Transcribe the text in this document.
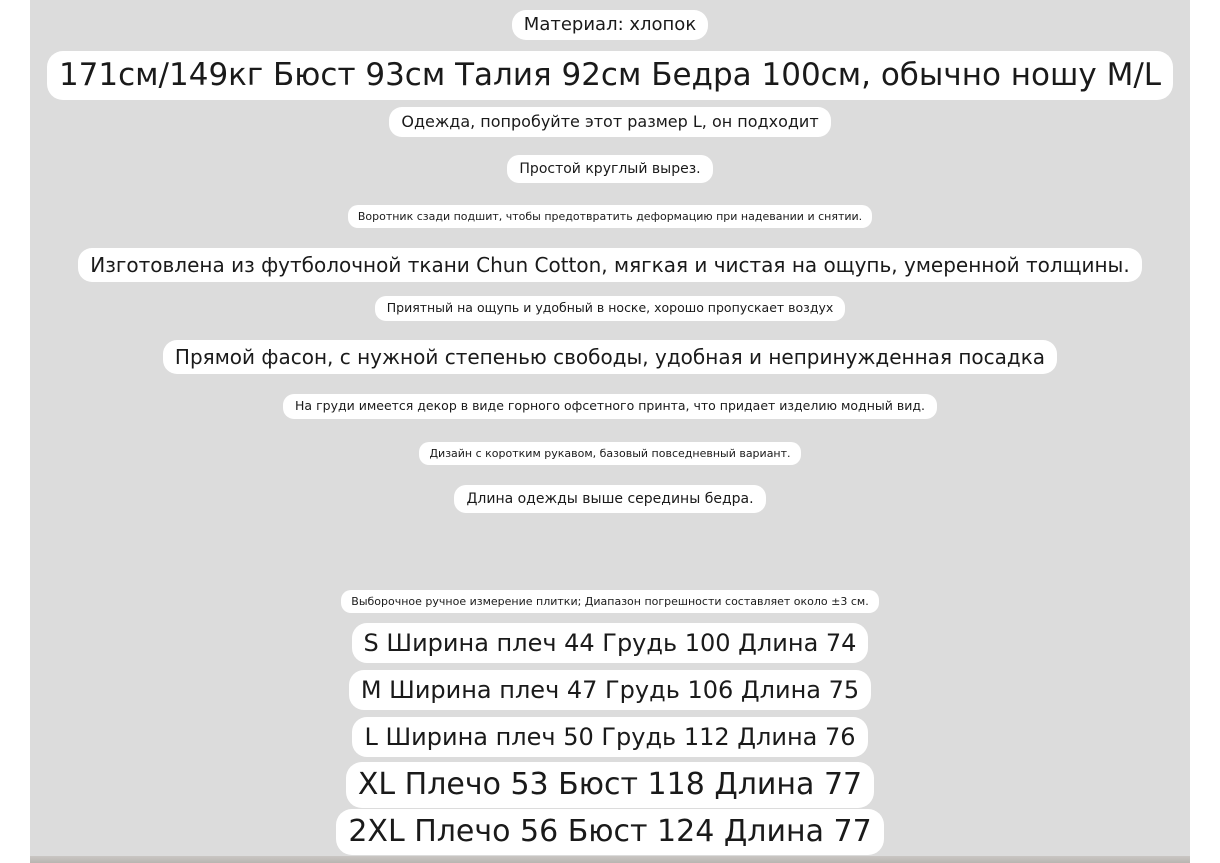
Материал: хлопок
171см/149кг Бюст 93см Талия 92см Бедра 100см, обычно ношу M/L
Одежда, попробуйте этот размер L, он подходит
Простой круглый вырез.
Воротник сзади подшит, чтобы предотвратить деформацию при надевании и снятии.
Изготовлена из футболочной ткани Chun Cotton, мягкая и чистая на ощупь, умеренной толщины.
Приятный на ощупь и удобный в носке, хорошо пропускает воздух
Прямой фасон, с нужной степенью свободы, удобная и непринужденная посадка
На груди имеется декор в виде горного офсетного принта, что придает изделию модный вид.
Дизайн с коротким рукавом, базовый повседневный вариант.
Длина одежды выше середины бедра.
Выборочное ручное измерение плитки; Диапазон погрешности составляет около ±3 см.
S Ширина плеч 44 Грудь 100 Длина 74
M Ширина плеч 47 Грудь 106 Длина 75
L Ширина плеч 50 Грудь 112 Длина 76
XL Плечо 53 Бюст 118 Длина 77
2XL Плечо 56 Бюст 124 Длина 77
